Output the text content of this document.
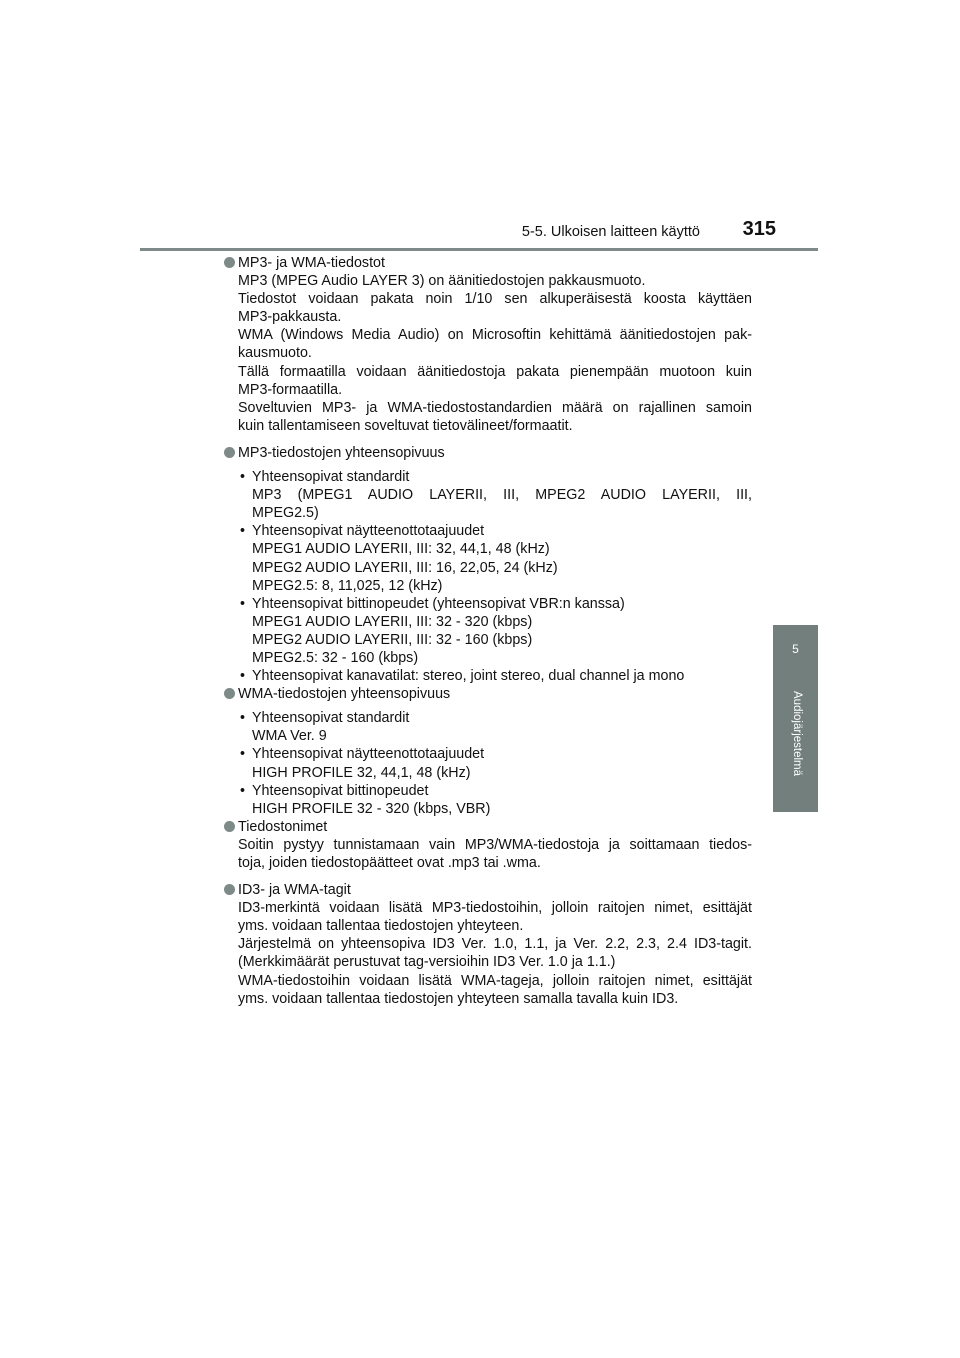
5-5. Ulkoisen laitteen käyttö 315
5
Audiojärjestelmä
MP3- ja WMA-tiedostot
MP3 (MPEG Audio LAYER 3) on äänitiedostojen pakkausmuoto.
Tiedostot voidaan pakata noin 1/10 sen alkuperäisestä koosta käyttäen
MP3-pakkausta.
WMA (Windows Media Audio) on Microsoftin kehittämä äänitiedostojen pak-
kausmuoto.
Tällä formaatilla voidaan äänitiedostoja pakata pienempään muotoon kuin
MP3-formaatilla.
Soveltuvien MP3- ja WMA-tiedostostandardien määrä on rajallinen samoin
kuin tallentamiseen soveltuvat tietovälineet/formaatit.
MP3-tiedostojen yhteensopivuus
• Yhteensopivat standardit
MP3 (MPEG1 AUDIO LAYERII, III, MPEG2 AUDIO LAYERII, III,
MPEG2.5)
• Yhteensopivat näytteenottotaajuudet
MPEG1 AUDIO LAYERII, III: 32, 44,1, 48 (kHz)
MPEG2 AUDIO LAYERII, III: 16, 22,05, 24 (kHz)
MPEG2.5: 8, 11,025, 12 (kHz)
• Yhteensopivat bittinopeudet (yhteensopivat VBR:n kanssa)
MPEG1 AUDIO LAYERII, III: 32 - 320 (kbps)
MPEG2 AUDIO LAYERII, III: 32 - 160 (kbps)
MPEG2.5: 32 - 160 (kbps)
• Yhteensopivat kanavatilat: stereo, joint stereo, dual channel ja mono
WMA-tiedostojen yhteensopivuus
• Yhteensopivat standardit
WMA Ver. 9
• Yhteensopivat näytteenottotaajuudet
HIGH PROFILE 32, 44,1, 48 (kHz)
• Yhteensopivat bittinopeudet
HIGH PROFILE 32 - 320 (kbps, VBR)
Tiedostonimet
Soitin pystyy tunnistamaan vain MP3/WMA-tiedostoja ja soittamaan tiedos-
toja, joiden tiedostopäätteet ovat .mp3 tai .wma.
ID3- ja WMA-tagit
ID3-merkintä voidaan lisätä MP3-tiedostoihin, jolloin raitojen nimet, esittäjät
yms. voidaan tallentaa tiedostojen yhteyteen.
Järjestelmä on yhteensopiva ID3 Ver. 1.0, 1.1, ja Ver. 2.2, 2.3, 2.4 ID3-tagit.
(Merkkimäärät perustuvat tag-versioihin ID3 Ver. 1.0 ja 1.1.)
WMA-tiedostoihin voidaan lisätä WMA-tageja, jolloin raitojen nimet, esittäjät
yms. voidaan tallentaa tiedostojen yhteyteen samalla tavalla kuin ID3.
